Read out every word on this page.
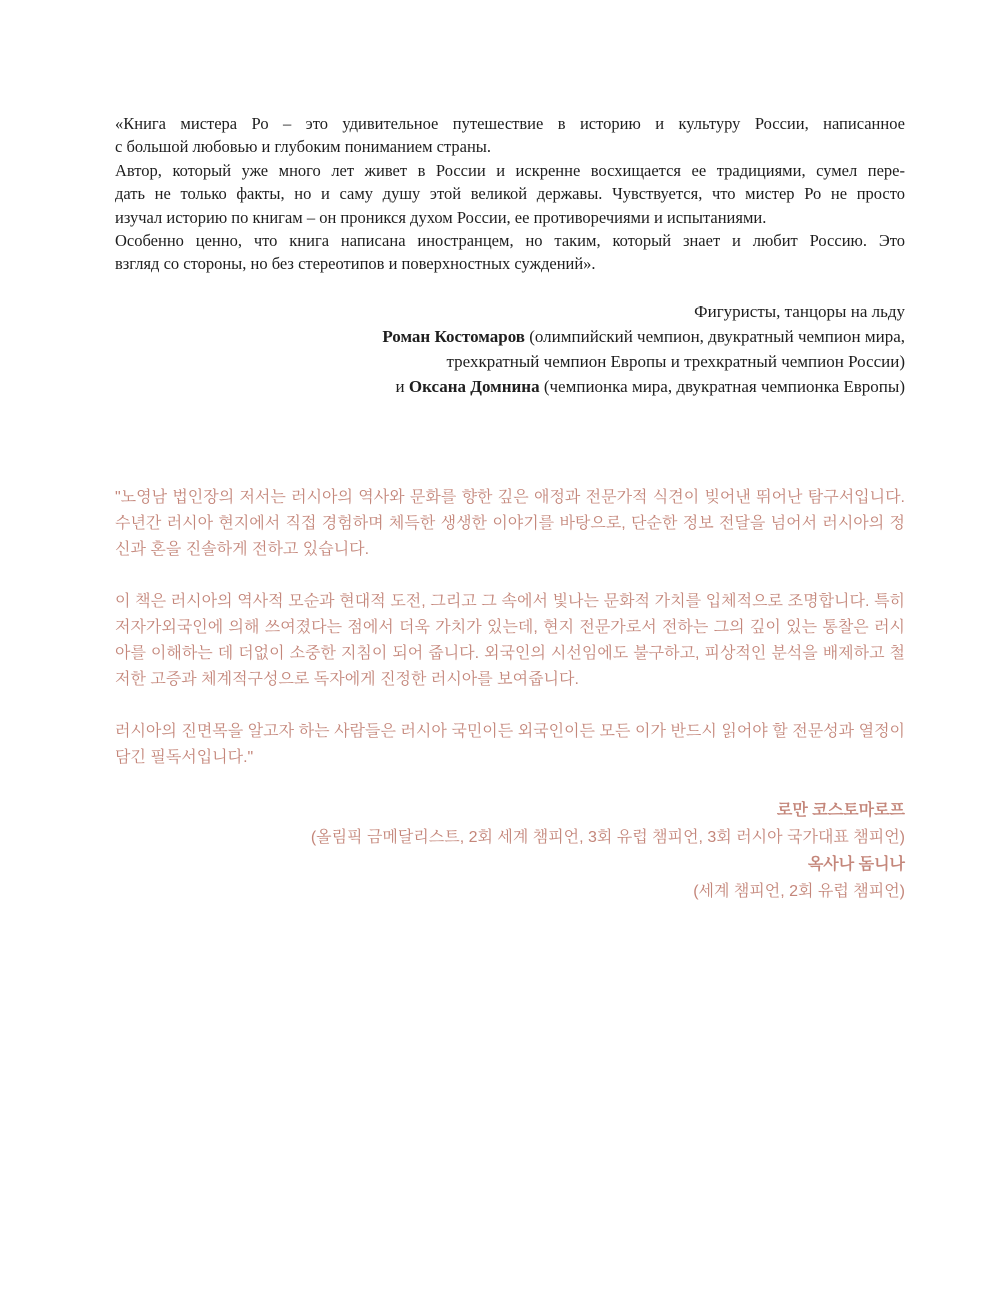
«Книга мистера Ро – это удивительное путешествие в историю и культуру России, написанное
с большой любовью и глубоким пониманием страны.
Автор, который уже много лет живет в России и искренне восхищается ее традициями, сумел пере-
дать не только факты, но и саму душу этой великой державы. Чувствуется, что мистер Ро не просто
изучал историю по книгам – он проникся духом России, ее противоречиями и испытаниями.
Особенно ценно, что книга написана иностранцем, но таким, который знает и любит Россию. Это
взгляд со стороны, но без стереотипов и поверхностных суждений».
Фигуристы, танцоры на льду
Роман Костомаров (олимпийский чемпион, двукратный чемпион мира,
трехкратный чемпион Европы и трехкратный чемпион России)
и Оксана Домнина (чемпионка мира, двукратная чемпионка Европы)

"노영남 법인장의 저서는 러시아의 역사와 문화를 향한 깊은 애정과 전문가적 식견이 빚어낸 뛰어난 탐구서입니다. 수년간 러시아 현지에서 직접 경험하며 체득한 생생한 이야기를 바탕으로, 단순한 정보 전달을 넘어서 러시아의 정신과 혼을 진솔하게 전하고 있습니다.

이 책은 러시아의 역사적 모순과 현대적 도전, 그리고 그 속에서 빛나는 문화적 가치를 입체적으로 조명합니다. 특히 저자가외국인에 의해 쓰여졌다는 점에서 더욱 가치가 있는데, 현지 전문가로서 전하는 그의 깊이 있는 통찰은 러시아를 이해하는 데 더없이 소중한 지침이 되어 줍니다. 외국인의 시선임에도 불구하고, 피상적인 분석을 배제하고 철저한 고증과 체계적구성으로 독자에게 진정한 러시아를 보여줍니다.

러시아의 진면목을 알고자 하는 사람들은 러시아 국민이든 외국인이든 모든 이가 반드시 읽어야 할 전문성과 열정이 담긴 필독서입니다."

로만 코스토마로프
(올림픽 금메달리스트, 2회 세계 챔피언, 3회 유럽 챔피언, 3회 러시아 국가대표 챔피언)
옥사나 돔니나
(세계 챔피언, 2회 유럽 챔피언)
